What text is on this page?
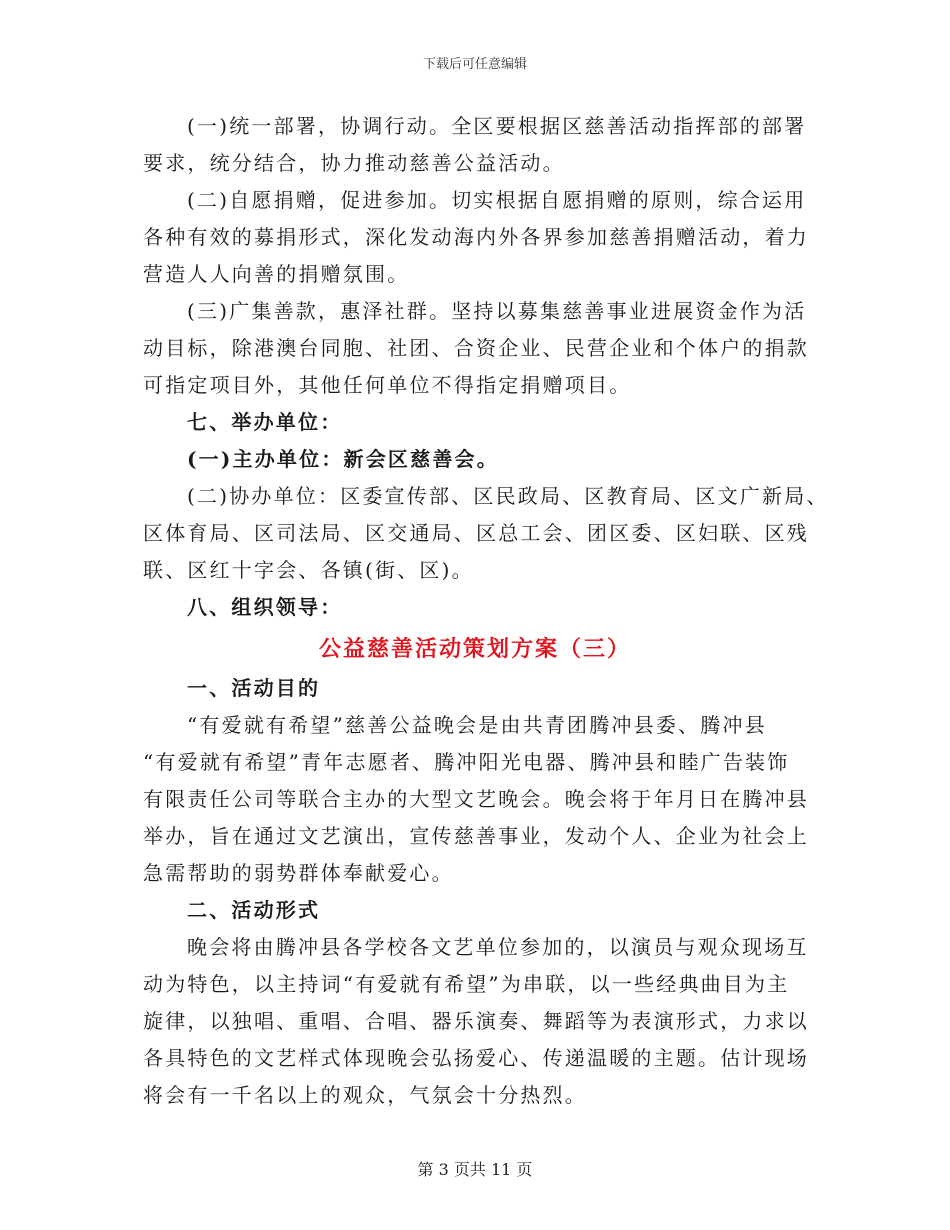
下载后可任意编辑
(一)统一部署，协调行动。全区要根据区慈善活动指挥部的部署
要求，统分结合，协力推动慈善公益活动。
(二)自愿捐赠，促进参加。切实根据自愿捐赠的原则，综合运用
各种有效的募捐形式，深化发动海内外各界参加慈善捐赠活动，着力
营造人人向善的捐赠氛围。
(三)广集善款，惠泽社群。坚持以募集慈善事业进展资金作为活
动目标，除港澳台同胞、社团、合资企业、民营企业和个体户的捐款
可指定项目外，其他任何单位不得指定捐赠项目。
七、举办单位：
(一)主办单位：新会区慈善会。
(二)协办单位：区委宣传部、区民政局、区教育局、区文广新局、
区体育局、区司法局、区交通局、区总工会、团区委、区妇联、区残
联、区红十字会、各镇(街、区)。
八、组织领导：
公益慈善活动策划方案（三）
一、活动目的
“有爱就有希望”慈善公益晚会是由共青团腾冲县委、腾冲县
“有爱就有希望”青年志愿者、腾冲阳光电器、腾冲县和睦广告装饰
有限责任公司等联合主办的大型文艺晚会。晚会将于年月日在腾冲县
举办，旨在通过文艺演出，宣传慈善事业，发动个人、企业为社会上
急需帮助的弱势群体奉献爱心。
二、活动形式
晚会将由腾冲县各学校各文艺单位参加的，以演员与观众现场互
动为特色，以主持词“有爱就有希望”为串联，以一些经典曲目为主
旋律，以独唱、重唱、合唱、器乐演奏、舞蹈等为表演形式，力求以
各具特色的文艺样式体现晚会弘扬爱心、传递温暖的主题。估计现场
将会有一千名以上的观众，气氛会十分热烈。
第 3 页共 11 页
